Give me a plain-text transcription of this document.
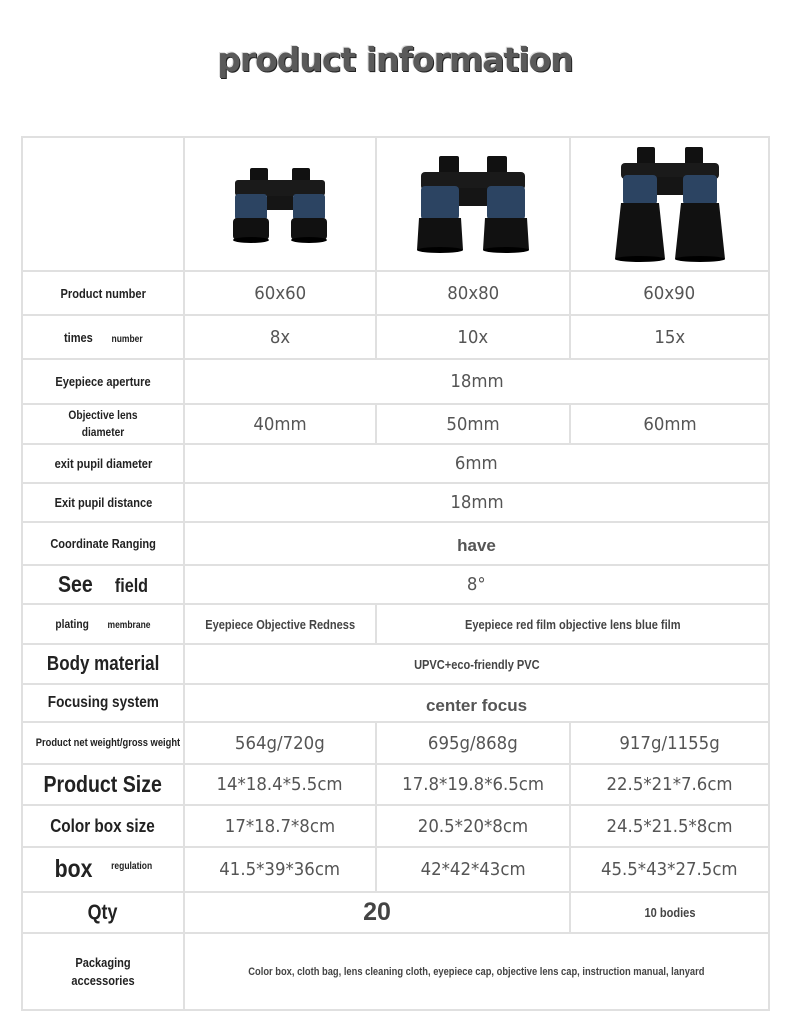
product information

Product number	60x60	80x80	60x90
times number	8x	10x	15x
Eyepiece aperture	18mm		
Objective lens diameter	40mm	50mm	60mm
exit pupil diameter	6mm		
Exit pupil distance	18mm		
Coordinate Ranging	have		
See field	8°		
plating membrane	Eyepiece Objective Redness	Eyepiece red film objective lens blue film	
Body material	UPVC+eco-friendly PVC		
Focusing system	center focus		
Product net weight/gross weight	564g/720g	695g/868g	917g/1155g
Product Size	14*18.4*5.5cm	17.8*19.8*6.5cm	22.5*21*7.6cm
Color box size	17*18.7*8cm	20.5*20*8cm	24.5*21.5*8cm
box $^{regulation}$	41.5*39*36cm	42*42*43cm	45.5*43*27.5cm
Qty	20		10 bodies
Packaging accessories	Color box, cloth bag, lens cleaning cloth, eyepiece cap, objective lens cap, instruction manual, lanyard		
